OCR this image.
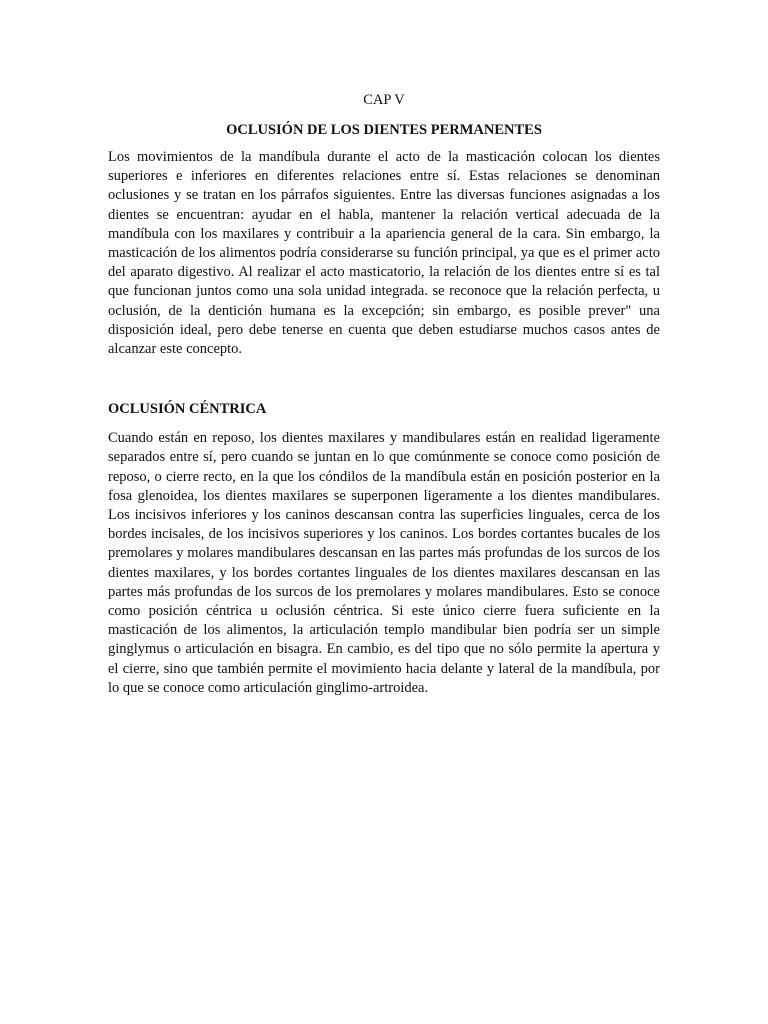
CAP V

OCLUSIÓN DE LOS DIENTES PERMANENTES

Los movimientos de la mandíbula durante el acto de la masticación colocan los dientes superiores e inferiores en diferentes relaciones entre sí. Estas relaciones se denominan oclusiones y se tratan en los párrafos siguientes. Entre las diversas funciones asignadas a los dientes se encuentran: ayudar en el habla, mantener la relación vertical adecuada de la mandíbula con los maxilares y contribuir a la apariencia general de la cara. Sin embargo, la masticación de los alimentos podría considerarse su función principal, ya que es el primer acto del aparato digestivo. Al realizar el acto masticatorio, la relación de los dientes entre sí es tal que funcionan juntos como una sola unidad integrada. se reconoce que la relación perfecta, u oclusión, de la dentición humana es la excepción; sin embargo, es posible prever" una disposición ideal, pero debe tenerse en cuenta que deben estudiarse muchos casos antes de alcanzar este concepto.

OCLUSIÓN CÉNTRICA

Cuando están en reposo, los dientes maxilares y mandibulares están en realidad ligeramente separados entre sí, pero cuando se juntan en lo que comúnmente se conoce como posición de reposo, o cierre recto, en la que los cóndilos de la mandíbula están en posición posterior en la fosa glenoidea, los dientes maxilares se superponen ligeramente a los dientes mandibulares. Los incisivos inferiores y los caninos descansan contra las superficies linguales, cerca de los bordes incisales, de los incisivos superiores y los caninos. Los bordes cortantes bucales de los premolares y molares mandibulares descansan en las partes más profundas de los surcos de los dientes maxilares, y los bordes cortantes linguales de los dientes maxilares descansan en las partes más profundas de los surcos de los premolares y molares mandibulares. Esto se conoce como posición céntrica u oclusión céntrica. Si este único cierre fuera suficiente en la masticación de los alimentos, la articulación templo mandibular bien podría ser un simple ginglymus o articulación en bisagra. En cambio, es del tipo que no sólo permite la apertura y el cierre, sino que también permite el movimiento hacia delante y lateral de la mandíbula, por lo que se conoce como articulación ginglimo-artroidea.
